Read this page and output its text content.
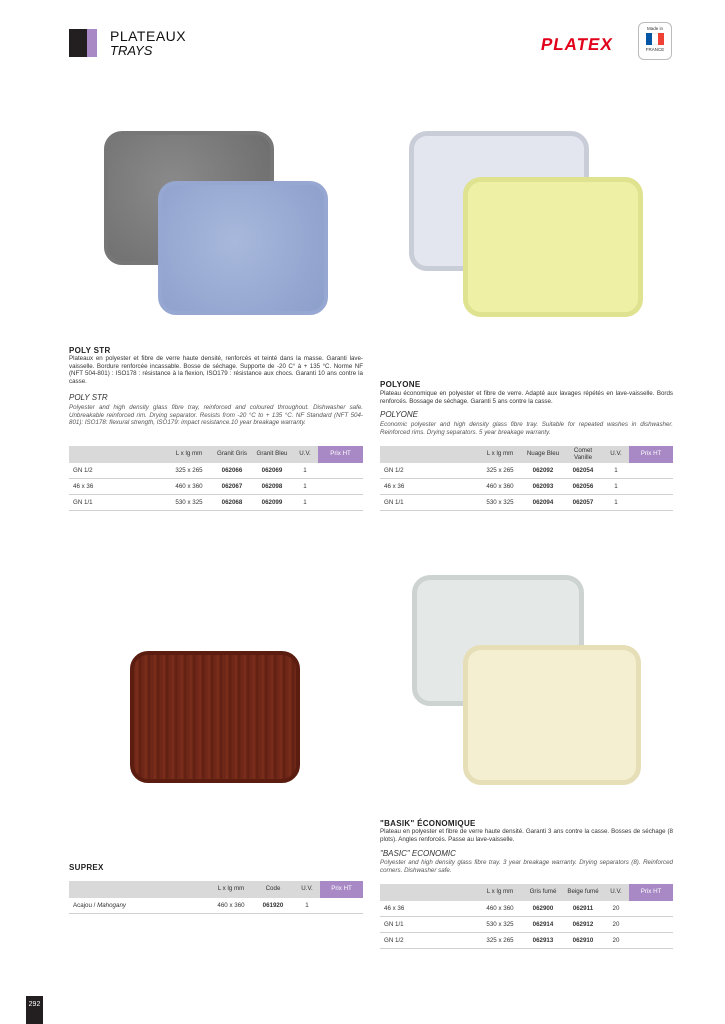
PLATEAUX
TRAYS	PLATEX
Made in
FRANCE
POLY STR
Plateaux en polyester et fibre de verre haute densité, renforcés et teinté dans la masse. Garanti lave-vaisselle. Bordure renforcée incassable. Bosse de séchage. Supporte de -20 C° à + 135 °C. Norme NF (NFT 504-801) : ISO178 : résistance à la flexion, ISO179 : résistance aux chocs. Garanti 10 ans contre la casse.
POLY STR
Polyester and high density glass fibre tray, reinforced and coloured throughout. Dishwasher safe. Unbreakable reinforced rim. Drying separator. Resists from -20 °C to + 135 °C. NF Standard (NFT 504-801): ISO178: flexural strength, ISO179: impact resistance.10 year breakage warranty.
	L x lg mm	Granit Gris	Granit Bleu	U.V.	Prix HT
GN 1/2	325 x 265	062066	062069	1	
46 x 36	460 x 360	062067	062098	1	
GN 1/1	530 x 325	062068	062099	1	
POLYONE
Plateau économique en polyester et fibre de verre. Adapté aux lavages répétés en lave-vaisselle. Bords renforcés. Bossage de séchage. Garanti 5 ans contre la casse.
POLYONE
Economic polyester and high density glass fibre tray. Suitable for repeated washes in dishwasher. Reinforced rims. Drying separators. 5 year breakage warranty.
	L x lg mm	Nuage Bleu	Comet Vanille	U.V.	Prix HT
GN 1/2	325 x 265	062092	062054	1	
46 x 36	460 x 360	062093	062056	1	
GN 1/1	530 x 325	062094	062057	1	
SUPREX
	L x lg mm	Code	U.V.	Prix HT
Acajou / Mahogany	460 x 360	061920	1	
"BASIK" ÉCONOMIQUE
Plateau en polyester et fibre de verre haute densité. Garanti 3 ans contre la casse. Bosses de séchage (8 plots). Angles renforcés. Passe au lave-vaisselle.
"BASIC" ECONOMIC
Polyester and high density glass fibre tray. 3 year breakage warranty. Drying separators (8). Reinforced corners. Dishwasher safe.
	L x lg mm	Gris fumé	Beige fumé	U.V.	Prix HT
46 x 36	460 x 360	062900	062911	20	
GN 1/1	530 x 325	062914	062912	20	
GN 1/2	325 x 265	062913	062910	20	
292
